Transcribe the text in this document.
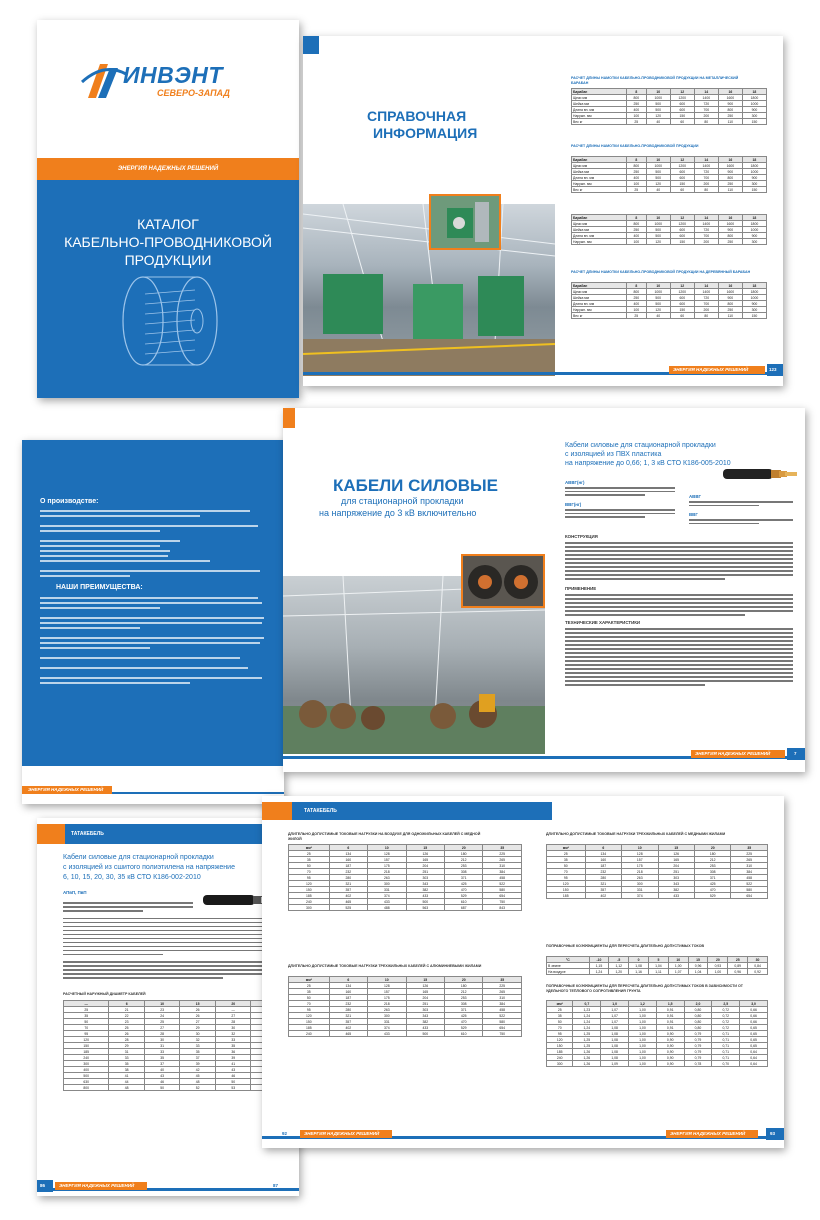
ИНВЭНТ
СЕВЕРО-ЗАПАД
ЭНЕРГИЯ НАДЕЖНЫХ РЕШЕНИЙ
КАТАЛОГ
КАБЕЛЬНО-ПРОВОДНИКОВОЙ
ПРОДУКЦИИ
СПРАВОЧНАЯ
ИНФОРМАЦИЯ
РАСЧЕТ ДЛИНЫ НАМОТКИ КАБЕЛЬНО-ПРОВОДНИКОВОЙ ПРОДУКЦИИ НА МЕТАЛЛИЧЕСКИЙ БАРАБАН
Барабан	8	10	12	14	16	18
Щеки мм	800	1000	1200	1400	1600	1800
Шейка мм	250	500	600	720	900	1000
Длина вн. мм	400	500	600	700	800	900
Наружн. мм	100	120	150	200	250	300
Вес кг	25	40	60	80	110	150
РАСЧЕТ ДЛИНЫ НАМОТКИ КАБЕЛЬНО-ПРОВОДНИКОВОЙ ПРОДУКЦИИ
Барабан	8	10	12	14	16	18
Щеки мм	800	1000	1200	1400	1600	1800
Шейка мм	250	500	600	720	900	1000
Длина вн. мм	400	500	600	700	800	900
Наружн. мм	100	120	150	200	250	300
Вес кг	25	40	60	80	110	150
Барабан	8	10	12	14	16	18
Щеки мм	800	1000	1200	1400	1600	1800
Шейка мм	250	500	600	720	900	1000
Длина вн. мм	400	500	600	700	800	900
Наружн. мм	100	120	150	200	250	300
РАСЧЕТ ДЛИНЫ НАМОТКИ КАБЕЛЬНО-ПРОВОДНИКОВОЙ ПРОДУКЦИИ НА ДЕРЕВЯННЫЙ БАРАБАН
Барабан	8	10	12	14	16	18
Щеки мм	800	1000	1200	1400	1600	1800
Шейка мм	250	500	600	720	900	1000
Длина вн. мм	400	500	600	700	800	900
Наружн. мм	100	120	150	200	250	300
Вес кг	25	40	60	80	110	150
ЭНЕРГИЯ НАДЕЖНЫХ РЕШЕНИЙ	123
О производстве:
НАШИ ПРЕИМУЩЕСТВА:
ЭНЕРГИЯ НАДЕЖНЫХ РЕШЕНИЙ
КАБЕЛИ СИЛОВЫЕ
для стационарной прокладки
на напряжение до 3 кВ включительно
Кабели силовые для стационарной прокладки
с изоляцией из ПВХ пластика
на напряжение до 0,66; 1, 3 кВ СТО К186-005-2010
АВВГ(нг)
ВВГ(нг)
АВВГ
ВВГ
КОНСТРУКЦИЯ
ПРИМЕНЕНИЕ
ТЕХНИЧЕСКИЕ ХАРАКТЕРИСТИКИ
ЭНЕРГИЯ НАДЕЖНЫХ РЕШЕНИЙ	7
ТАТАКЕБЕЛЬ
Кабели силовые для стационарной прокладки
с изоляцией из сшитого полиэтилена на напряжение
6, 10, 15, 20, 30, 35 кВ СТО К186-002-2010
АПвП, ПвП
РАСЧЕТНЫЙ НАРУЖНЫЙ ДИАМЕТР КАБЕЛЕЙ
—	6	10	15	20	
25	21	23	26	—	
35	22	24	26	27	
50	23	25	27	28	
70	25	27	29	30	
95	26	28	30	32	
120	28	30	32	33	
150	29	31	33	35	
185	31	33	35	36	
240	33	35	37	39	
300	35	37	39	41	
400	38	40	42	43	
500	41	43	45	46	
630	44	46	48	50	
800	48	50	52	53	
ЭНЕРГИЯ НАДЕЖНЫХ РЕШЕНИЙ
86	87
ТАТАКЕБЕЛЬ
ДЛИТЕЛЬНО ДОПУСТИМЫЕ ТОКОВЫЕ НАГРУЗКИ НА ВОЗДУХЕ ДЛЯ ОДНОЖИЛЬНЫХ КАБЕЛЕЙ С МЕДНОЙ ЖИЛОЙ
мм²	6	10	15	20	35
25	134	128	126	180	225
35	160	157	165	212	265
50	187	175	204	253	310
70	232	218	251	308	384
95	280	263	303	371	458
120	321	300	343	425	522
150	357	331	382	470	580
185	402	374	433	529	654
240	465	433	500	610	750
300	525	488	563	687	843
ДЛИТЕЛЬНО ДОПУСТИМЫЕ ТОКОВЫЕ НАГРУЗКИ ТРЕХЖИЛЬНЫХ КАБЕЛЕЙ С АЛЮМИНИЕВЫМИ ЖИЛАМИ
мм²	6	10	15	20	35
25	134	128	126	180	225
35	160	157	165	212	265
50	187	175	204	253	310
70	232	218	251	308	384
95	280	263	303	371	458
120	321	300	343	425	522
150	357	331	382	470	580
185	402	374	433	529	654
240	465	433	500	610	750
ДЛИТЕЛЬНО ДОПУСТИМЫЕ ТОКОВЫЕ НАГРУЗКИ ТРЕХЖИЛЬНЫХ КАБЕЛЕЙ С МЕДНЫМИ ЖИЛАМИ
мм²	6	10	15	20	35
25	134	128	126	180	225
35	160	157	165	212	265
50	187	175	204	253	310
70	232	218	251	308	384
95	280	263	303	371	458
120	321	300	343	425	522
150	357	331	382	470	580
185	402	374	433	529	654
ПОПРАВОЧНЫЕ КОЭФФИЦИЕНТЫ ДЛЯ ПЕРЕСЧЕТА ДЛИТЕЛЬНО ДОПУСТИМЫХ ТОКОВ
°C	-10	-5	0	5	10	15	20	25	30
В земле	1,15	1,12	1,08	1,04	1,00	0,96	0,93	0,89	0,84
На воздухе	1,24	1,20	1,16	1,11	1,07	1,04	1,00	0,96	0,92
ПОПРАВОЧНЫЕ КОЭФФИЦИЕНТЫ ДЛЯ ПЕРЕСЧЕТА ДЛИТЕЛЬНО ДОПУСТИМЫХ ТОКОВ В ЗАВИСИМОСТИ ОТ УДЕЛЬНОГО ТЕПЛОВОГО СОПРОТИВЛЕНИЯ ГРУНТА
мм²	0,7	1,0	1,2	1,5	2,0	2,5	3,0
25	1,23	1,07	1,00	0,91	0,80	0,72	0,66
35	1,24	1,07	1,00	0,91	0,80	0,72	0,66
50	1,24	1,07	1,00	0,91	0,80	0,72	0,66
70	1,24	1,08	1,00	0,91	0,80	0,72	0,65
95	1,25	1,08	1,00	0,90	0,79	0,71	0,65
120	1,25	1,08	1,00	0,90	0,79	0,71	0,65
150	1,25	1,08	1,00	0,90	0,79	0,71	0,65
185	1,26	1,08	1,00	0,90	0,79	0,71	0,64
240	1,26	1,08	1,00	0,90	0,79	0,71	0,64
300	1,26	1,09	1,00	0,90	0,78	0,70	0,64
ЭНЕРГИЯ НАДЕЖНЫХ РЕШЕНИЙ	ЭНЕРГИЯ НАДЕЖНЫХ РЕШЕНИЙ
92	93
